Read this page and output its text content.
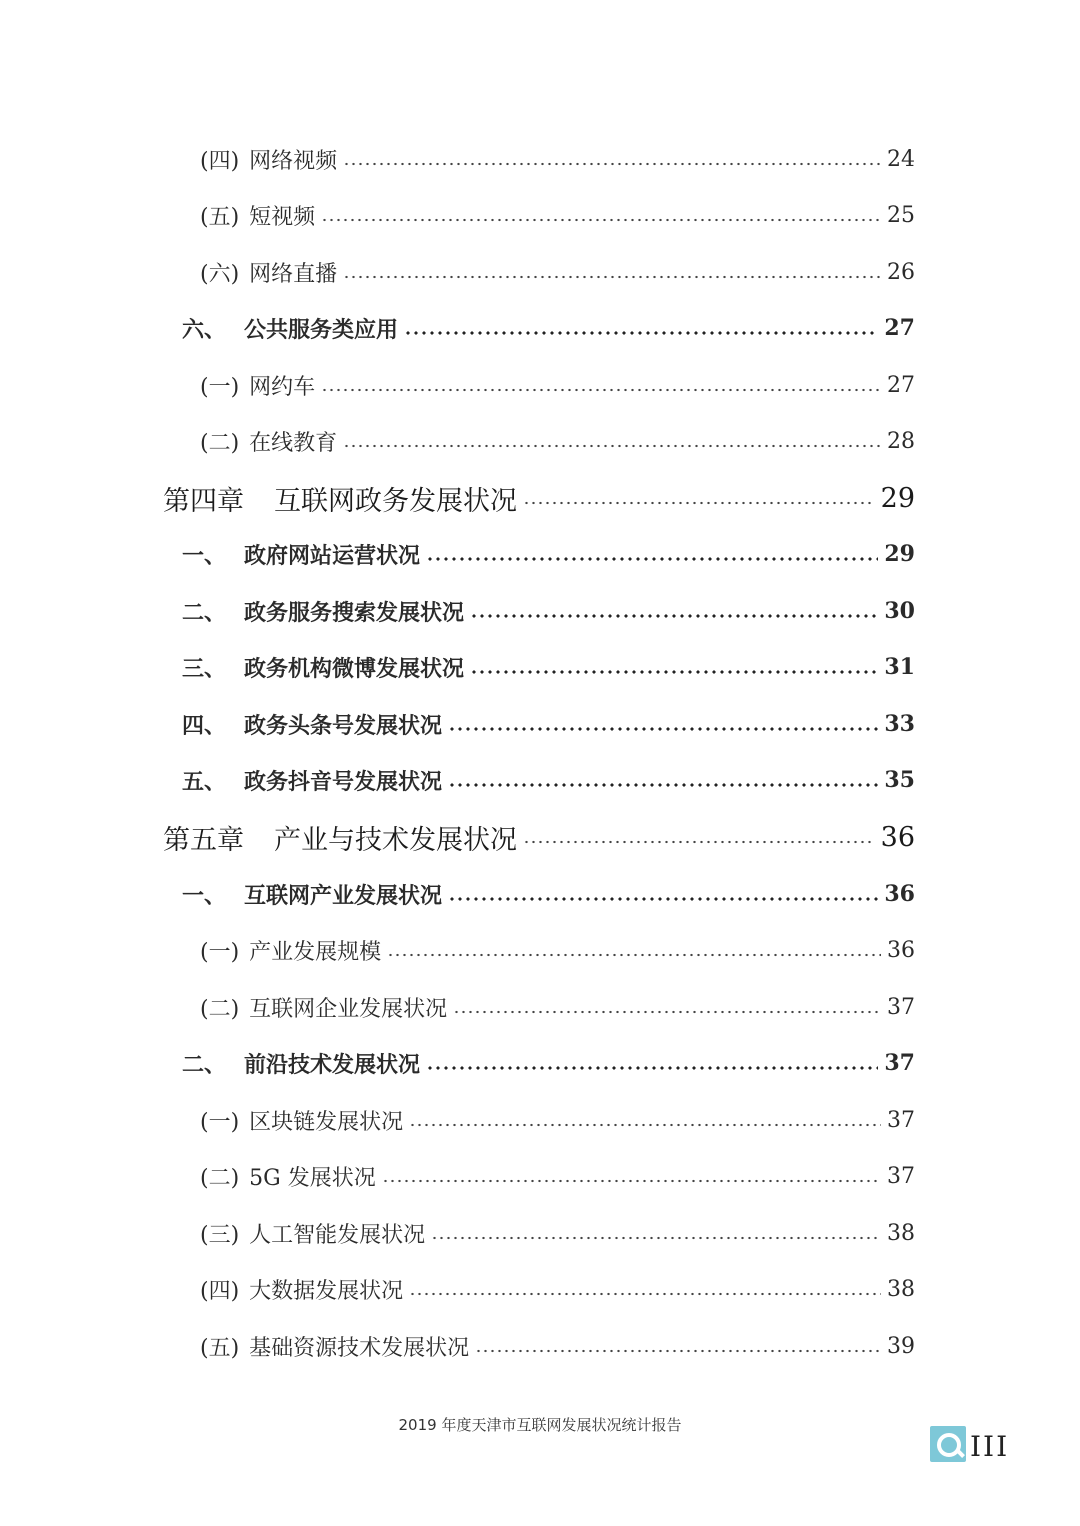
(四) 网络视频	24
(五) 短视频	25
(六) 网络直播	26
六、 公共服务类应用	27
(一) 网约车	27
(二) 在线教育	28
第四章 互联网政务发展状况	29
一、 政府网站运营状况	29
二、 政务服务搜索发展状况	30
三、 政务机构微博发展状况	31
四、 政务头条号发展状况	33
五、 政务抖音号发展状况	35
第五章 产业与技术发展状况	36
一、 互联网产业发展状况	36
(一) 产业发展规模	36
(二) 互联网企业发展状况	37
二、 前沿技术发展状况	37
(一) 区块链发展状况	37
(二) 5G 发展状况	37
(三) 人工智能发展状况	38
(四) 大数据发展状况	38
(五) 基础资源技术发展状况	39
2019 年度天津市互联网发展状况统计报告
III
